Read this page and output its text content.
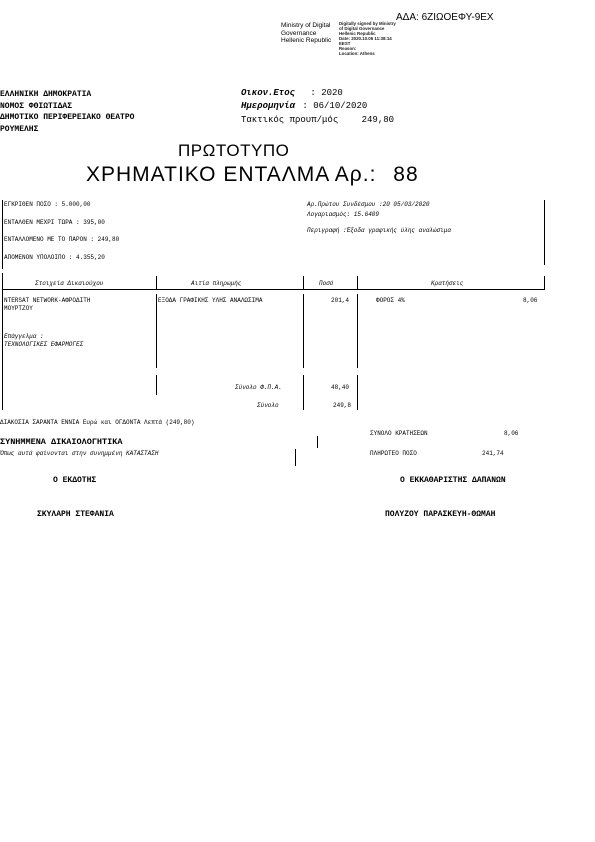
ΑΔΑ: 6ΖΙΩΟΕΦΥ-9ΕΧ
Ministry of Digital
Governance
Hellenic Republic
Digitally signed by Ministry
of Digital Governance
Hellenic Republic
Date: 2020.10.06 11:38:14
EEST
Reason:
Location: Athens
ΕΛΛΗΝΙΚΗ ΔΗΜΟΚΡΑΤΙΑ
ΝΟΜΟΣ ΦΘΙΩΤΙΔΑΣ
ΔΗΜΟΤΙΚΟ ΠΕΡΙΦΕΡΕΙΑΚΟ ΘΕΑΤΡΟ
ΡΟΥΜΕΛΗΣ
Οικον.Ετος : 2020
Ημερομηνία : 06/10/2020
Τακτικός προυπ/μός	249,80
ΠΡΩΤΟΤΥΠΟ
ΧΡΗΜΑΤΙΚΟ ΕΝΤΑΛΜΑ Αρ.: 88
ΕΓΚΡΙΘΕΝ ΠΟΣΟ : 5.000,00
ΕΝΤΑΛΘΕΝ ΜΕΧΡΙ ΤΩΡΑ : 395,00
ΕΝΤΑΛΛΟΜΕΝΟ ΜΕ ΤΟ ΠΑΡΟΝ : 249,80
ΑΠΟΜΕΝΟΝ ΥΠΟΛΟΙΠΟ : 4.355,20
Αρ.Πρώτου Συνδέσμου :20 05/03/2020
Λογαριασμός: 15.6409
Περιγραφή :Έξοδα γραφικής ύλης αναλώσιμα
Στοιχεία Δικαιούχου	Αιτία πληρωμής	Ποσό	Κρατήσεις
NTERSAT NETWORK-ΑΦΡΟΔΙΤΗ
ΜΟΥΡΤΖΟΥ
Επάγγελμα :
ΤΕΧΝΟΛΟΓΙΚΕΣ ΕΦΑΡΜΟΓΕΣ
ΕΞΟΔΑ ΓΡΑΦΙΚΗΣ ΥΛΗΣ ΑΝΑΛΩΣΙΜΑ	201,4	ΦΟΡΟΣ 4%	8,06
Σύνολο Φ.Π.Α.	48,40
Σύνολο	249,8
ΔΙΑΚΟΣΙΑ ΣΑΡΑΝΤΑ ΕΝΝΙΑ Ευρώ και ΟΓΔΟΝΤΑ Λεπτά (249,80)
ΣΥΝΟΛΟ ΚΡΑΤΗΣΕΩΝ	8,06
ΠΛΗΡΩΤΕΟ ΠΟΣΟ	241,74
ΣΥΝΗΜΜΕΝΑ ΔΙΚΑΙΟΛΟΓΗΤΙΚΑ
Όπως αυτά φαίνονται στην συνημμένη ΚΑΤΑΣΤΑΣΗ
Ο ΕΚΔΟΤΗΣ
ΣΚΥΛΑΡΗ ΣΤΕΦΑΝΙΑ
Ο ΕΚΚΑΘΑΡΙΣΤΗΣ ΔΑΠΑΝΩΝ
ΠΟΛΥΖΟΥ ΠΑΡΑΣΚΕΥΗ-ΘΩΜΑΗ
